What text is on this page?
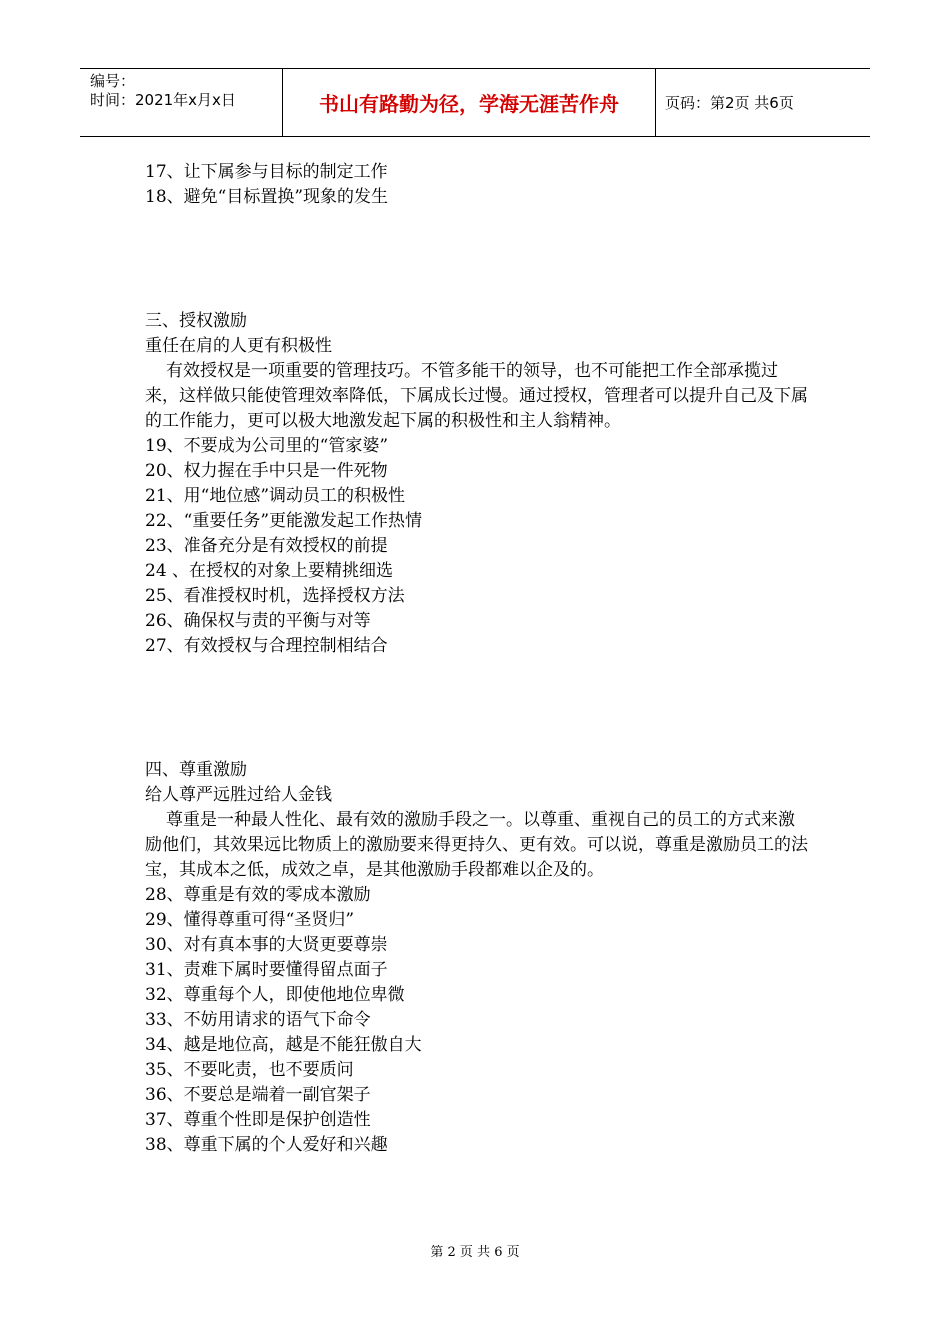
编号：
时间：2021年x月x日	书山有路勤为径，学海无涯苦作舟	页码：第2页 共6页

17、让下属参与目标的制定工作

18、避免“目标置换”现象的发生

三、授权激励

重任在肩的人更有积极性

有效授权是一项重要的管理技巧。不管多能干的领导，也不可能把工作全部承揽过来，这样做只能使管理效率降低，下属成长过慢。通过授权，管理者可以提升自己及下属的工作能力，更可以极大地激发起下属的积极性和主人翁精神。

19、不要成为公司里的“管家婆”

20、权力握在手中只是一件死物

21、用“地位感”调动员工的积极性

22、“重要任务”更能激发起工作热情

23、准备充分是有效授权的前提

24 、在授权的对象上要精挑细选

25、看准授权时机，选择授权方法

26、确保权与责的平衡与对等

27、有效授权与合理控制相结合

四、尊重激励

给人尊严远胜过给人金钱

尊重是一种最人性化、最有效的激励手段之一。以尊重、重视自己的员工的方式来激励他们，其效果远比物质上的激励要来得更持久、更有效。可以说，尊重是激励员工的法宝，其成本之低，成效之卓，是其他激励手段都难以企及的。

28、尊重是有效的零成本激励

29、懂得尊重可得“圣贤归”

30、对有真本事的大贤更要尊崇

31、责难下属时要懂得留点面子

32、尊重每个人，即使他地位卑微

33、不妨用请求的语气下命令

34、越是地位高，越是不能狂傲自大

35、不要叱责，也不要质问

36、不要总是端着一副官架子

37、尊重个性即是保护创造性

38、尊重下属的个人爱好和兴趣

第 2 页 共 6 页
